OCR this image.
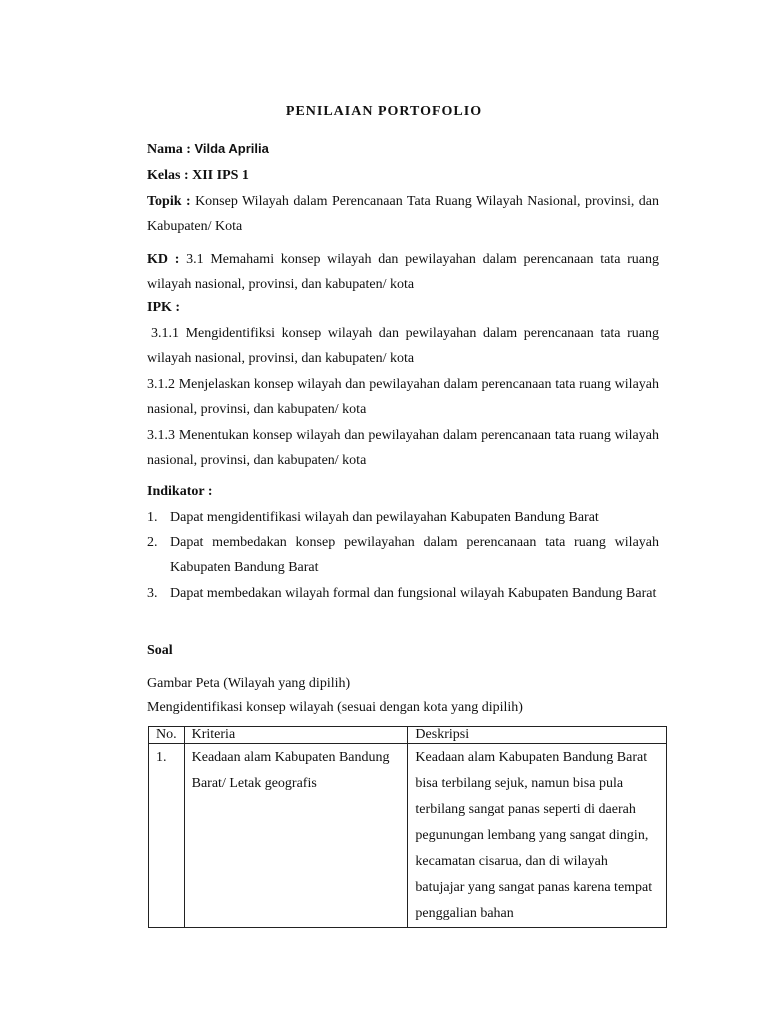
PENILAIAN PORTOFOLIO
Nama : Vilda Aprilia
Kelas : XII IPS 1
Topik : Konsep Wilayah dalam Perencanaan Tata Ruang Wilayah Nasional, provinsi, dan Kabupaten/ Kota
KD : 3.1 Memahami konsep wilayah dan pewilayahan dalam perencanaan tata ruang wilayah nasional, provinsi, dan kabupaten/ kota
IPK :
3.1.1 Mengidentifiksi konsep wilayah dan pewilayahan dalam perencanaan tata ruang wilayah nasional, provinsi, dan kabupaten/ kota
3.1.2 Menjelaskan konsep wilayah dan pewilayahan dalam perencanaan tata ruang wilayah nasional, provinsi, dan kabupaten/ kota
3.1.3 Menentukan konsep wilayah dan pewilayahan dalam perencanaan tata ruang wilayah nasional, provinsi, dan kabupaten/ kota
Indikator :
1. Dapat mengidentifikasi wilayah dan pewilayahan Kabupaten Bandung Barat
2. Dapat membedakan konsep pewilayahan dalam perencanaan tata ruang wilayah Kabupaten Bandung Barat
3. Dapat membedakan wilayah formal dan fungsional wilayah Kabupaten Bandung Barat
Soal
Gambar Peta (Wilayah yang dipilih)
Mengidentifikasi konsep wilayah (sesuai dengan kota yang dipilih)
No.	Kriteria	Deskripsi
1.	Keadaan alam Kabupaten Bandung Barat/ Letak geografis	Keadaan alam Kabupaten Bandung Barat bisa terbilang sejuk, namun bisa pula terbilang sangat panas seperti di daerah pegunungan lembang yang sangat dingin, kecamatan cisarua, dan di wilayah batujajar yang sangat panas karena tempat penggalian bahan
